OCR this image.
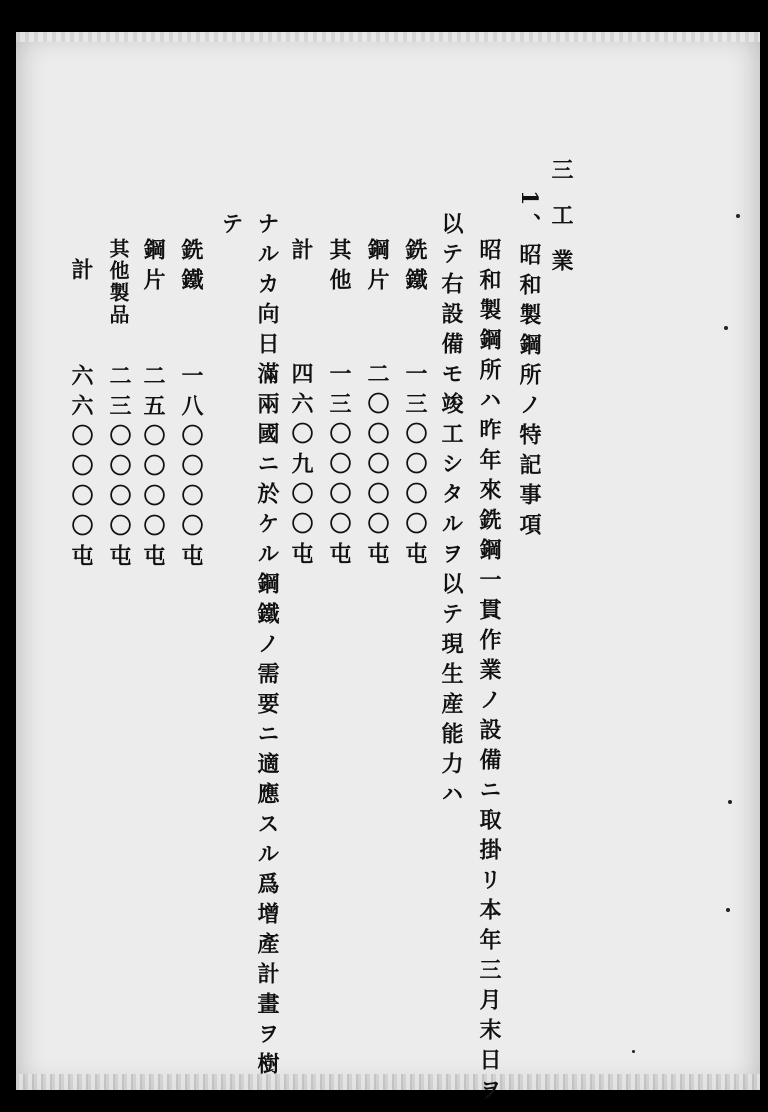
三 工 業
1、昭和製鋼所ノ特記事項
昭和製鋼所ハ昨年來銑鋼一貫作業ノ設備ニ取掛リ本年三月末日ヲ
以テ右設備モ竣工シタルヲ以テ現生産能力ハ
銑鐵
一三〇〇〇〇屯
鋼片
二〇〇〇〇〇屯
其他
一三〇〇〇〇屯
計
四六〇九〇〇屯
ナルカ向日滿兩國ニ於ケル鋼鐵ノ需要ニ適應スル爲增產計畫ヲ樹
テ
銑鐵
一八〇〇〇〇屯
鋼片
二五〇〇〇〇屯
其他製品
二三〇〇〇〇屯
計
六六〇〇〇〇屯
